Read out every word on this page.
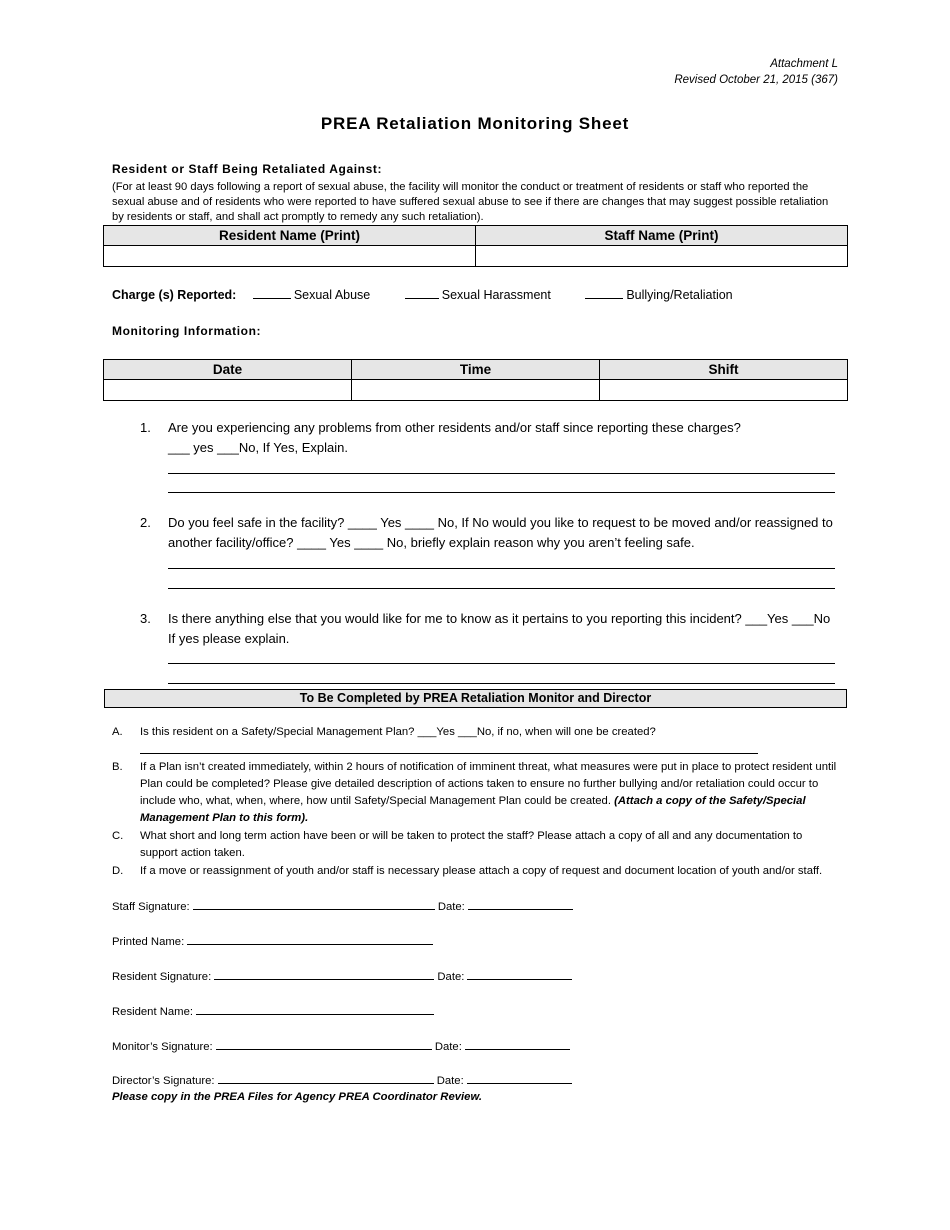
Attachment L
Revised October 21, 2015 (367)
PREA Retaliation Monitoring Sheet
Resident or Staff Being Retaliated Against:
(For at least 90 days following a report of sexual abuse, the facility will monitor the conduct or treatment of residents or staff who reported the sexual abuse and of residents who were reported to have suffered sexual abuse to see if there are changes that may suggest possible retaliation by residents or staff, and shall act promptly to remedy any such retaliation).
Resident Name (Print)	Staff Name (Print)

Charge (s) Reported:	Sexual Abuse	Sexual Harassment	Bullying/Retaliation
Monitoring Information:
Date	Time	Shift

1. Are you experiencing any problems from other residents and/or staff since reporting these charges?
___ yes ___No, If Yes, Explain.
2. Do you feel safe in the facility? ____ Yes ____ No, If No would you like to request to be moved and/or reassigned to
another facility/office? ____ Yes ____ No, briefly explain reason why you aren’t feeling safe.
3. Is there anything else that you would like for me to know as it pertains to you reporting this incident? ___Yes ___No
If yes please explain.
To Be Completed by PREA Retaliation Monitor and Director
A. Is this resident on a Safety/Special Management Plan? ___Yes ___No, if no, when will one be created?
B. If a Plan isn’t created immediately, within 2 hours of notification of imminent threat, what measures were put in place to protect resident until Plan could be completed? Please give detailed description of actions taken to ensure no further bullying and/or retaliation could occur to include who, what, when, where, how until Safety/Special Management Plan could be created. (Attach a copy of the Safety/Special Management Plan to this form).
C. What short and long term action have been or will be taken to protect the staff? Please attach a copy of all and any documentation to support action taken.
D. If a move or reassignment of youth and/or staff is necessary please attach a copy of request and document location of youth and/or staff.
Staff Signature:	Date:
Printed Name:
Resident Signature:	Date:
Resident Name:
Monitor’s Signature:	Date:
Director’s Signature:	Date:
Please copy in the PREA Files for Agency PREA Coordinator Review.
